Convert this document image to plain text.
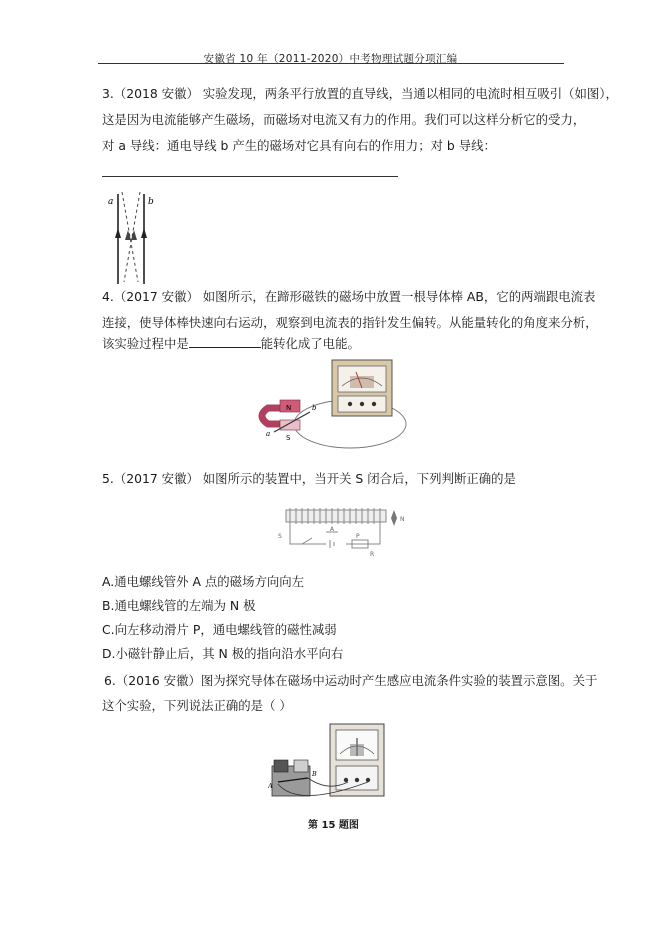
安徽省 10 年（2011-2020）中考物理试题分项汇编
3.（2018 安徽） 实验发现，两条平行放置的直导线，当通以相同的电流时相互吸引（如图），
这是因为电流能够产生磁场，而磁场对电流又有力的作用。我们可以这样分析它的受力，
对 a 导线：通电导线 b 产生的磁场对它具有向右的作用力；对 b 导线：
a	b
4.（2017 安徽） 如图所示，在蹄形磁铁的磁场中放置一根导体棒 AB，它的两端跟电流表
连接，使导体棒快速向右运动，观察到电流表的指针发生偏转。从能量转化的角度来分析，
该实验过程中是	能转化成了电能。
N
S
a
b
5.（2017 安徽） 如图所示的装置中，当开关 S 闭合后，下列判断正确的是
S
A
N
P
R
A.通电螺线管外 A 点的磁场方向向左
B.通电螺线管的左端为 N 极
C.向左移动滑片 P，通电螺线管的磁性减弱
D.小磁针静止后，其 N 极的指向沿水平向右
6.（2016 安徽）图为探究导体在磁场中运动时产生感应电流条件实验的装置示意图。关于
这个实验，下列说法正确的是（ ）
A
B
第 15 题图
